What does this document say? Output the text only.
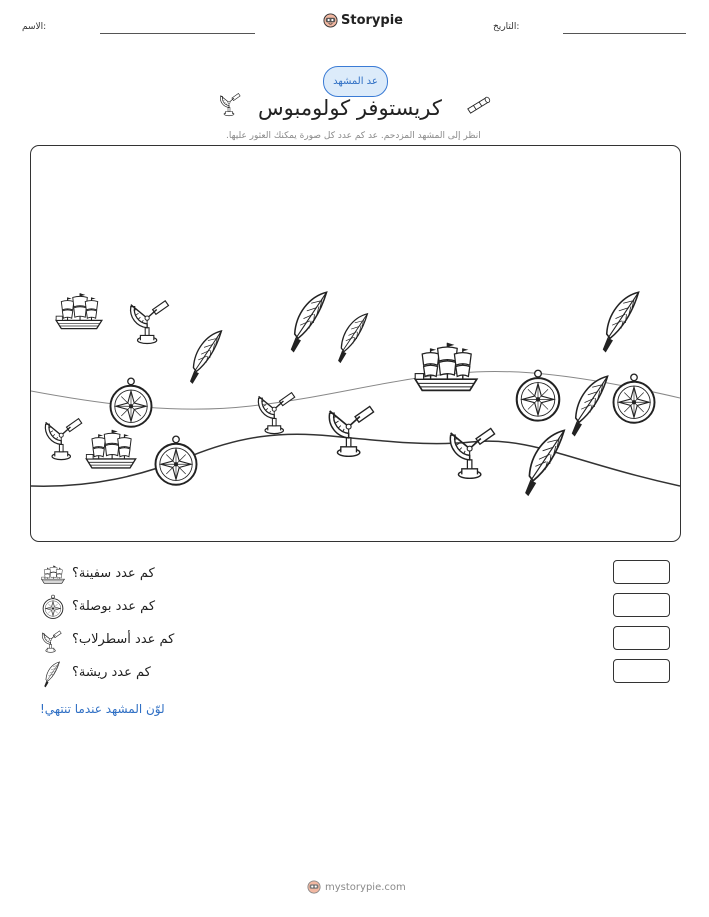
الاسم:	Storypie	التاريخ:
عد المشهد
كريستوفر كولومبوس
انظر إلى المشهد المزدحم. عد كم عدد كل صورة يمكنك العثور عليها.
كم عدد سفينة؟
كم عدد بوصلة؟
كم عدد أسطرلاب؟
كم عدد ريشة؟
لوّن المشهد عندما تنتهي!
mystorypie.com
